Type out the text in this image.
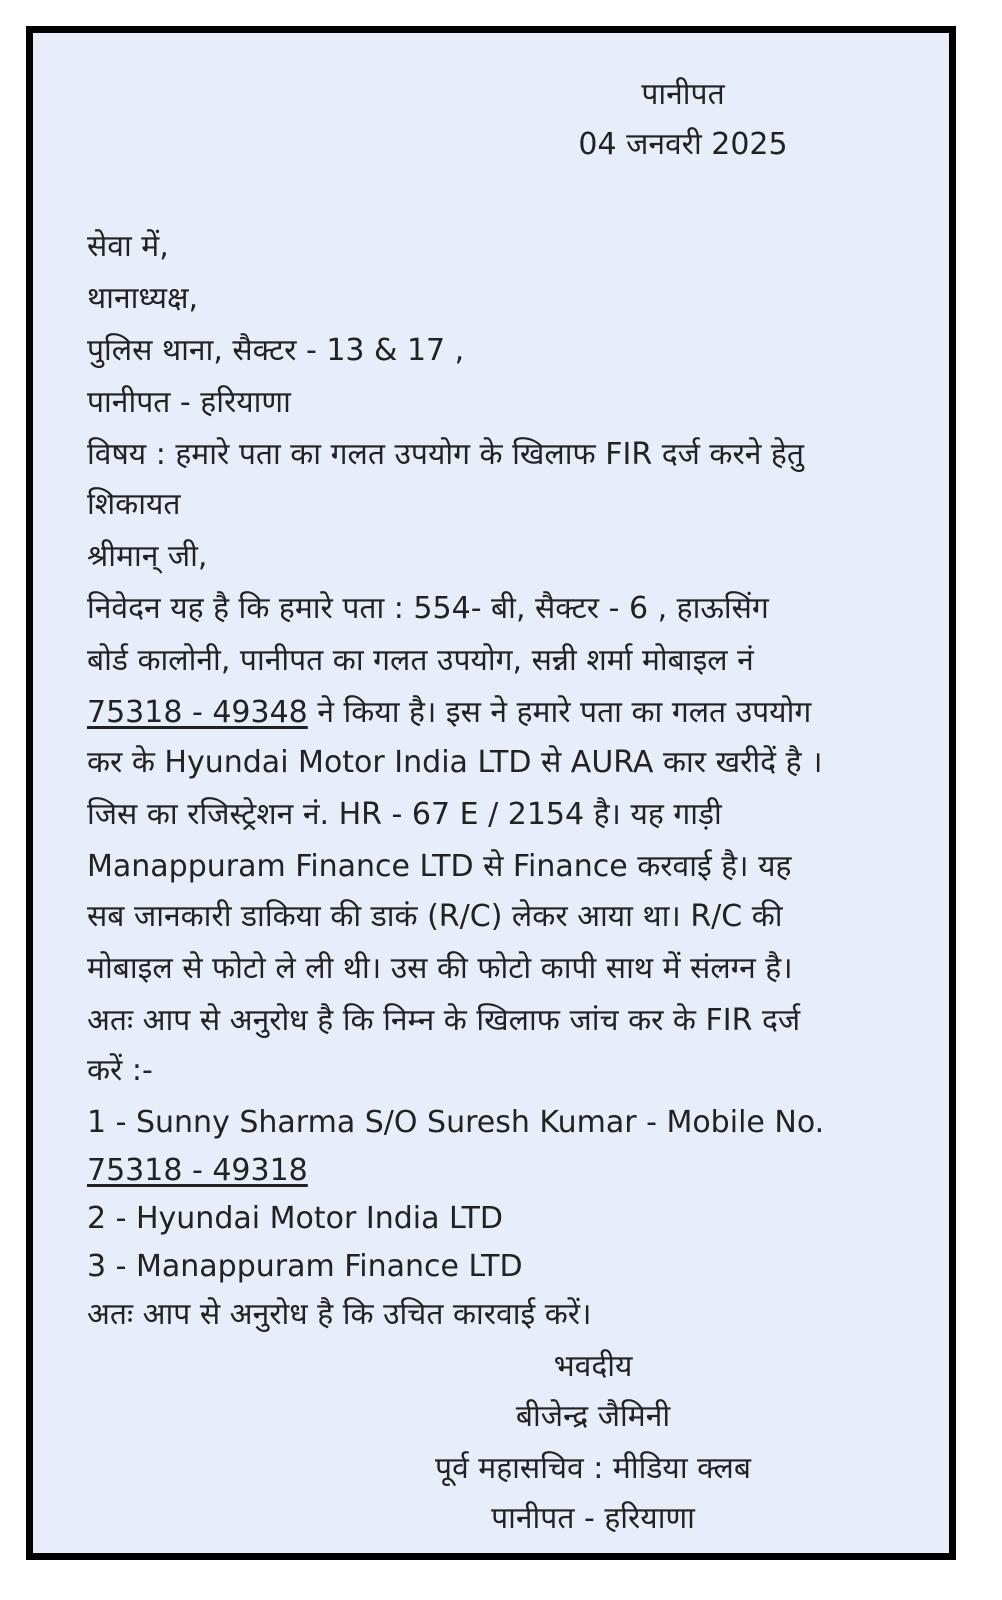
पानीपत
04 जनवरी 2025
सेवा में,
थानाध्यक्ष,
पुलिस थाना, सैक्टर - 13 & 17 ,
पानीपत - हरियाणा
विषय : हमारे पता का गलत उपयोग के खिलाफ FIR दर्ज करने हेतु
शिकायत
श्रीमान् जी,
निवेदन यह है कि हमारे पता : 554- बी, सैक्टर - 6 , हाऊसिंग
बोर्ड कालोनी, पानीपत का गलत उपयोग, सन्नी शर्मा मोबाइल नं
75318 - 49348 ने किया है। इस ने हमारे पता का गलत उपयोग
कर के Hyundai Motor India LTD से AURA कार खरीदें है ।
जिस का रजिस्ट्रेशन नं. HR - 67 E / 2154 है। यह गाड़ी
Manappuram Finance LTD से Finance करवाई है। यह
सब जानकारी डाकिया की डाकं (R/C) लेकर आया था। R/C की
मोबाइल से फोटो ले ली थी। उस की फोटो कापी साथ में संलग्न है।
अतः आप से अनुरोध है कि निम्न के खिलाफ जांच कर के FIR दर्ज
करें :-
1 - Sunny Sharma S/O Suresh Kumar - Mobile No.
75318 - 49318
2 - Hyundai Motor India LTD
3 - Manappuram Finance LTD
अतः आप से अनुरोध है कि उचित कारवाई करें।
भवदीय
बीजेन्द्र जैमिनी
पूर्व महासचिव : मीडिया क्लब
पानीपत - हरियाणा
